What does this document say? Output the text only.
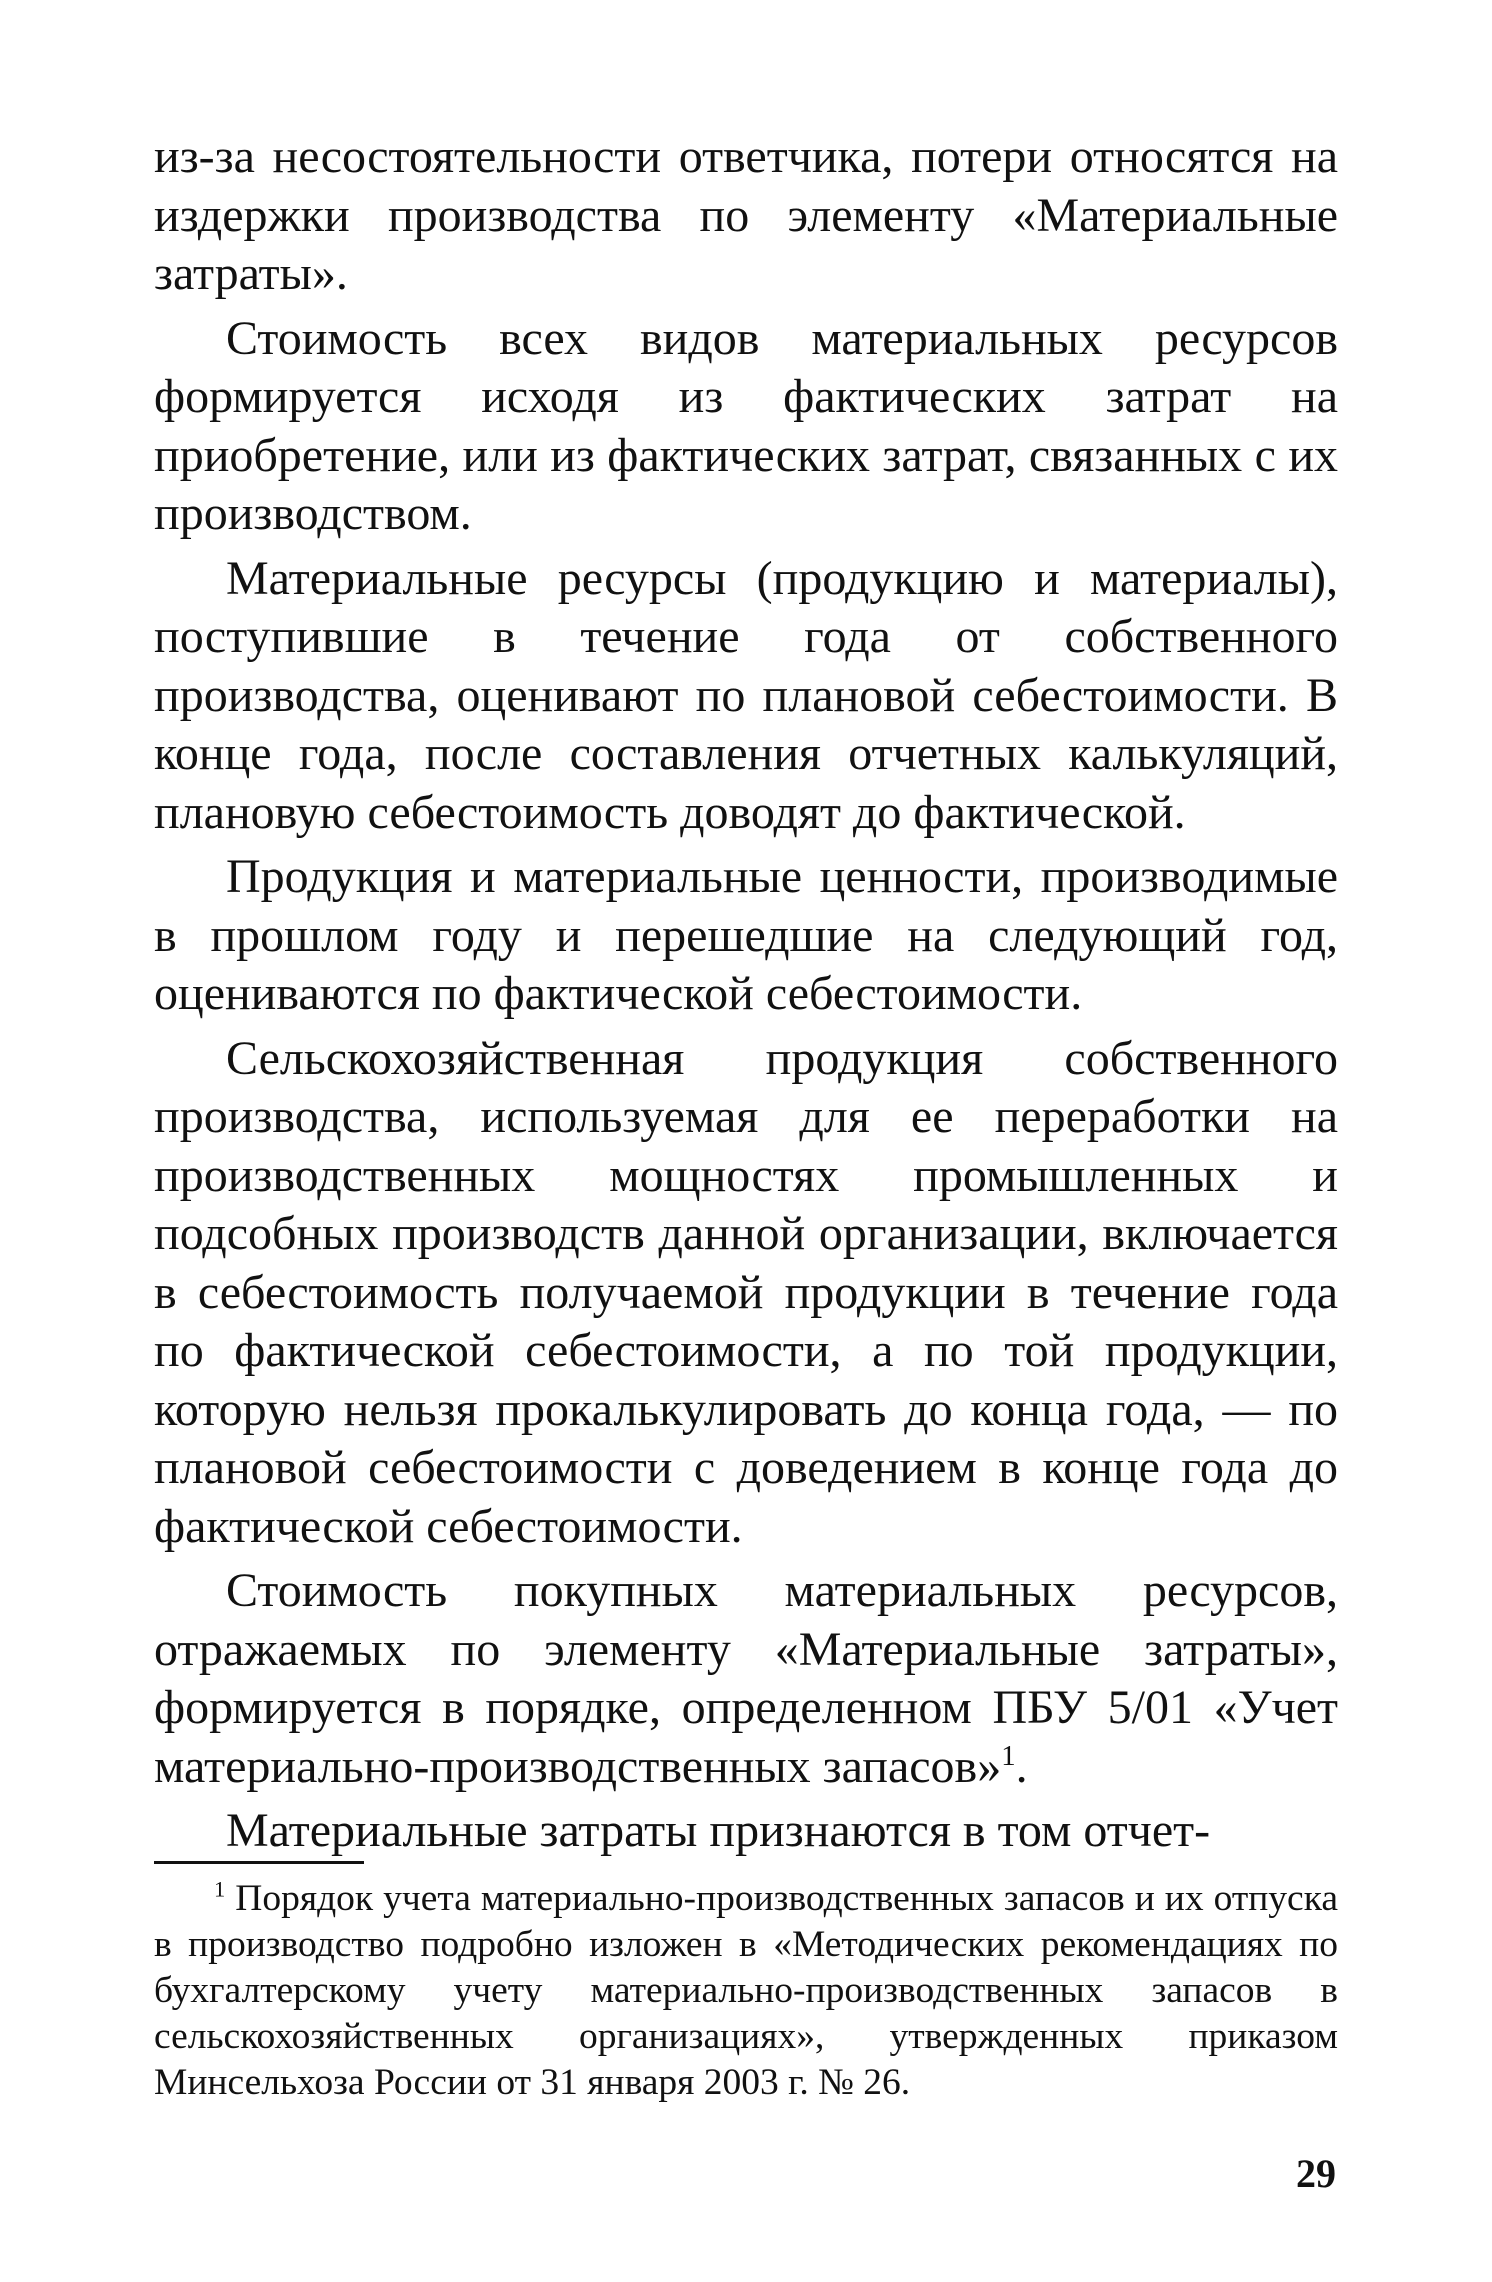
из-за несостоятельности ответчика, потери относятся на издержки производства по элементу «Материальные затраты».

Стоимость всех видов материальных ресурсов формируется исходя из фактических затрат на приобретение, или из фактических затрат, связанных с их производством.

Материальные ресурсы (продукцию и материалы), поступившие в течение года от собственного производства, оценивают по плановой себестоимости. В конце года, после составления отчетных калькуляций, плановую себестоимость доводят до фактической.

Продукция и материальные ценности, производимые в прошлом году и перешедшие на следующий год, оцениваются по фактической себестоимости.

Сельскохозяйственная продукция собственного производства, используемая для ее переработки на производственных мощностях промышленных и подсобных производств данной организации, включается в себестоимость получаемой продукции в течение года по фактической себестоимости, а по той продукции, которую нельзя прокалькулировать до конца года, — по плановой себестоимости с доведением в конце года до фактической себестоимости.

Стоимость покупных материальных ресурсов, отражаемых по элементу «Материальные затраты», формируется в порядке, определенном ПБУ 5/01 «Учет материально-производственных запасов»$^1$.

Материальные затраты признаются в том отчет-

$^1$ Порядок учета материально-производственных запасов и их отпуска в производство подробно изложен в «Методических рекомендациях по бухгалтерскому учету материально-производственных запасов в сельскохозяйственных организациях», утвержденных приказом Минсельхоза России от 31 января 2003 г. № 26.
29
